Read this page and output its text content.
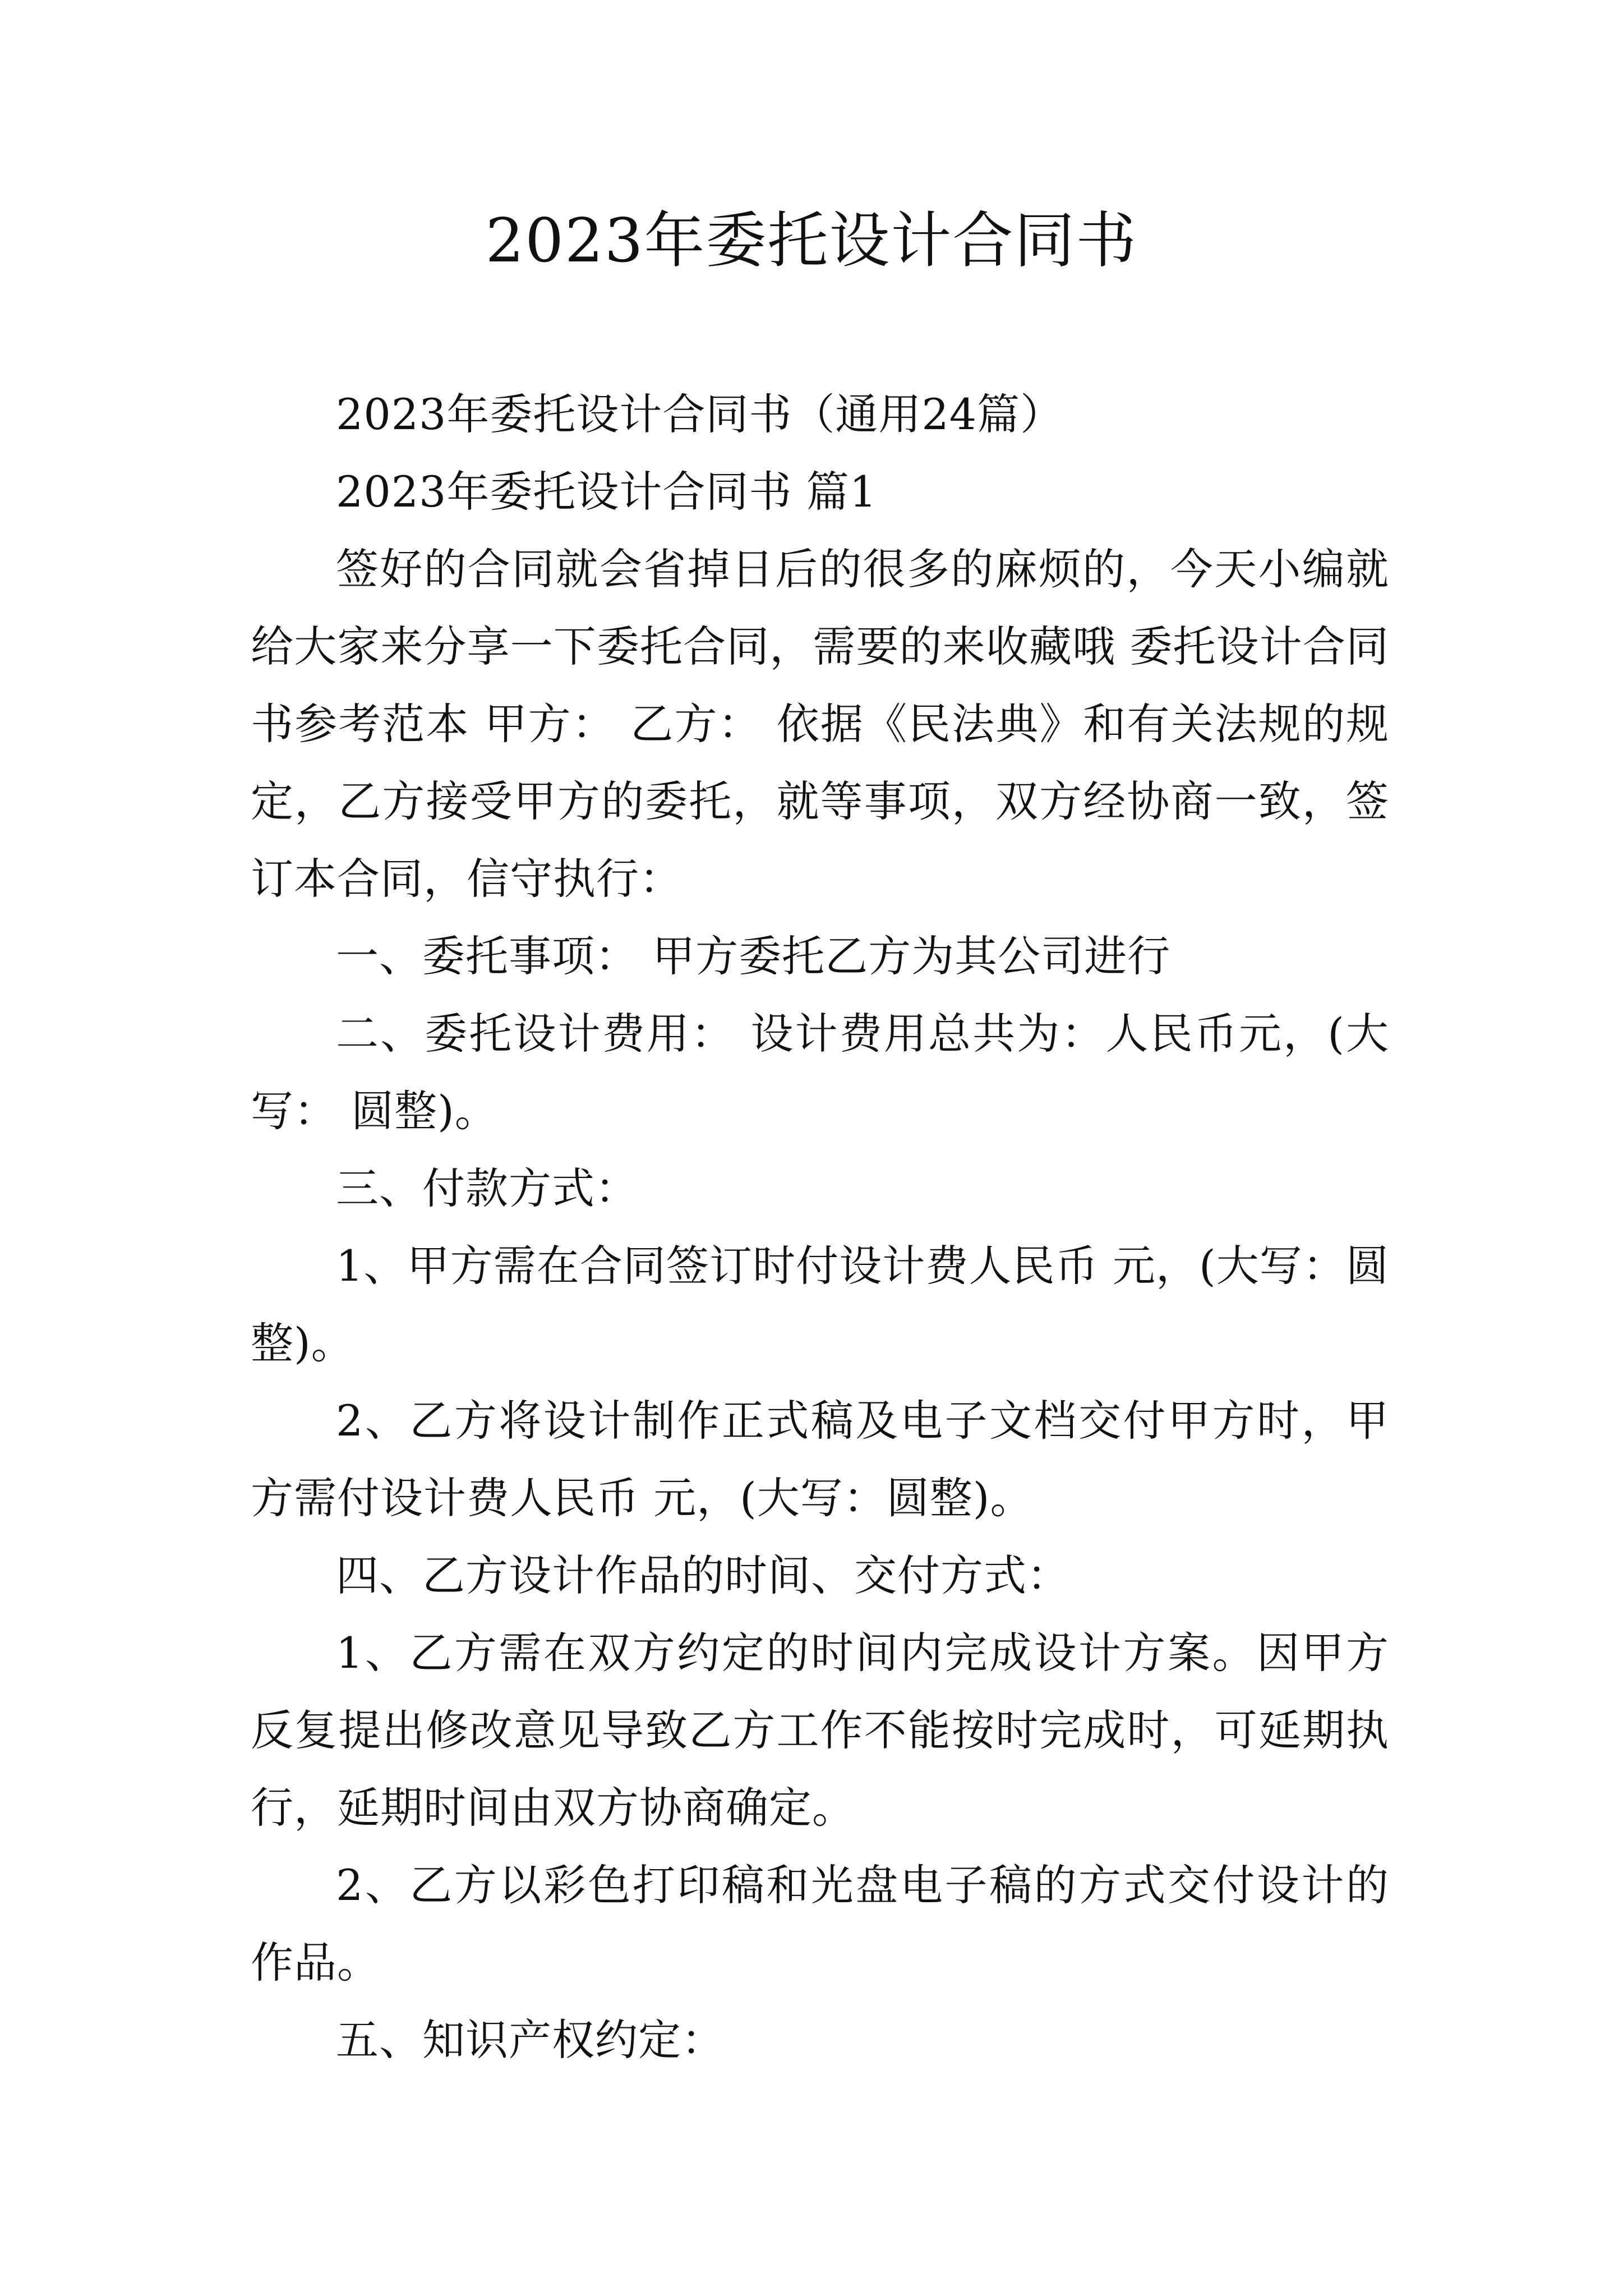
2023年委托设计合同书

2023年委托设计合同书（通用24篇）

2023年委托设计合同书 篇1

签好的合同就会省掉日后的很多的麻烦的，今天小编就给大家来分享一下委托合同，需要的来收藏哦 委托设计合同书参考范本 甲方： 乙方： 依据《民法典》和有关法规的规定，乙方接受甲方的委托，就等事项，双方经协商一致，签订本合同，信守执行：

一、委托事项： 甲方委托乙方为其公司进行

二、委托设计费用： 设计费用总共为：人民币元，(大写： 圆整)。

三、付款方式：

1、甲方需在合同签订时付设计费人民币 元，(大写：圆整)。

2、乙方将设计制作正式稿及电子文档交付甲方时，甲方需付设计费人民币 元，(大写：圆整)。

四、乙方设计作品的时间、交付方式：

1、乙方需在双方约定的时间内完成设计方案。因甲方反复提出修改意见导致乙方工作不能按时完成时，可延期执行，延期时间由双方协商确定。

2、乙方以彩色打印稿和光盘电子稿的方式交付设计的作品。

五、知识产权约定：
